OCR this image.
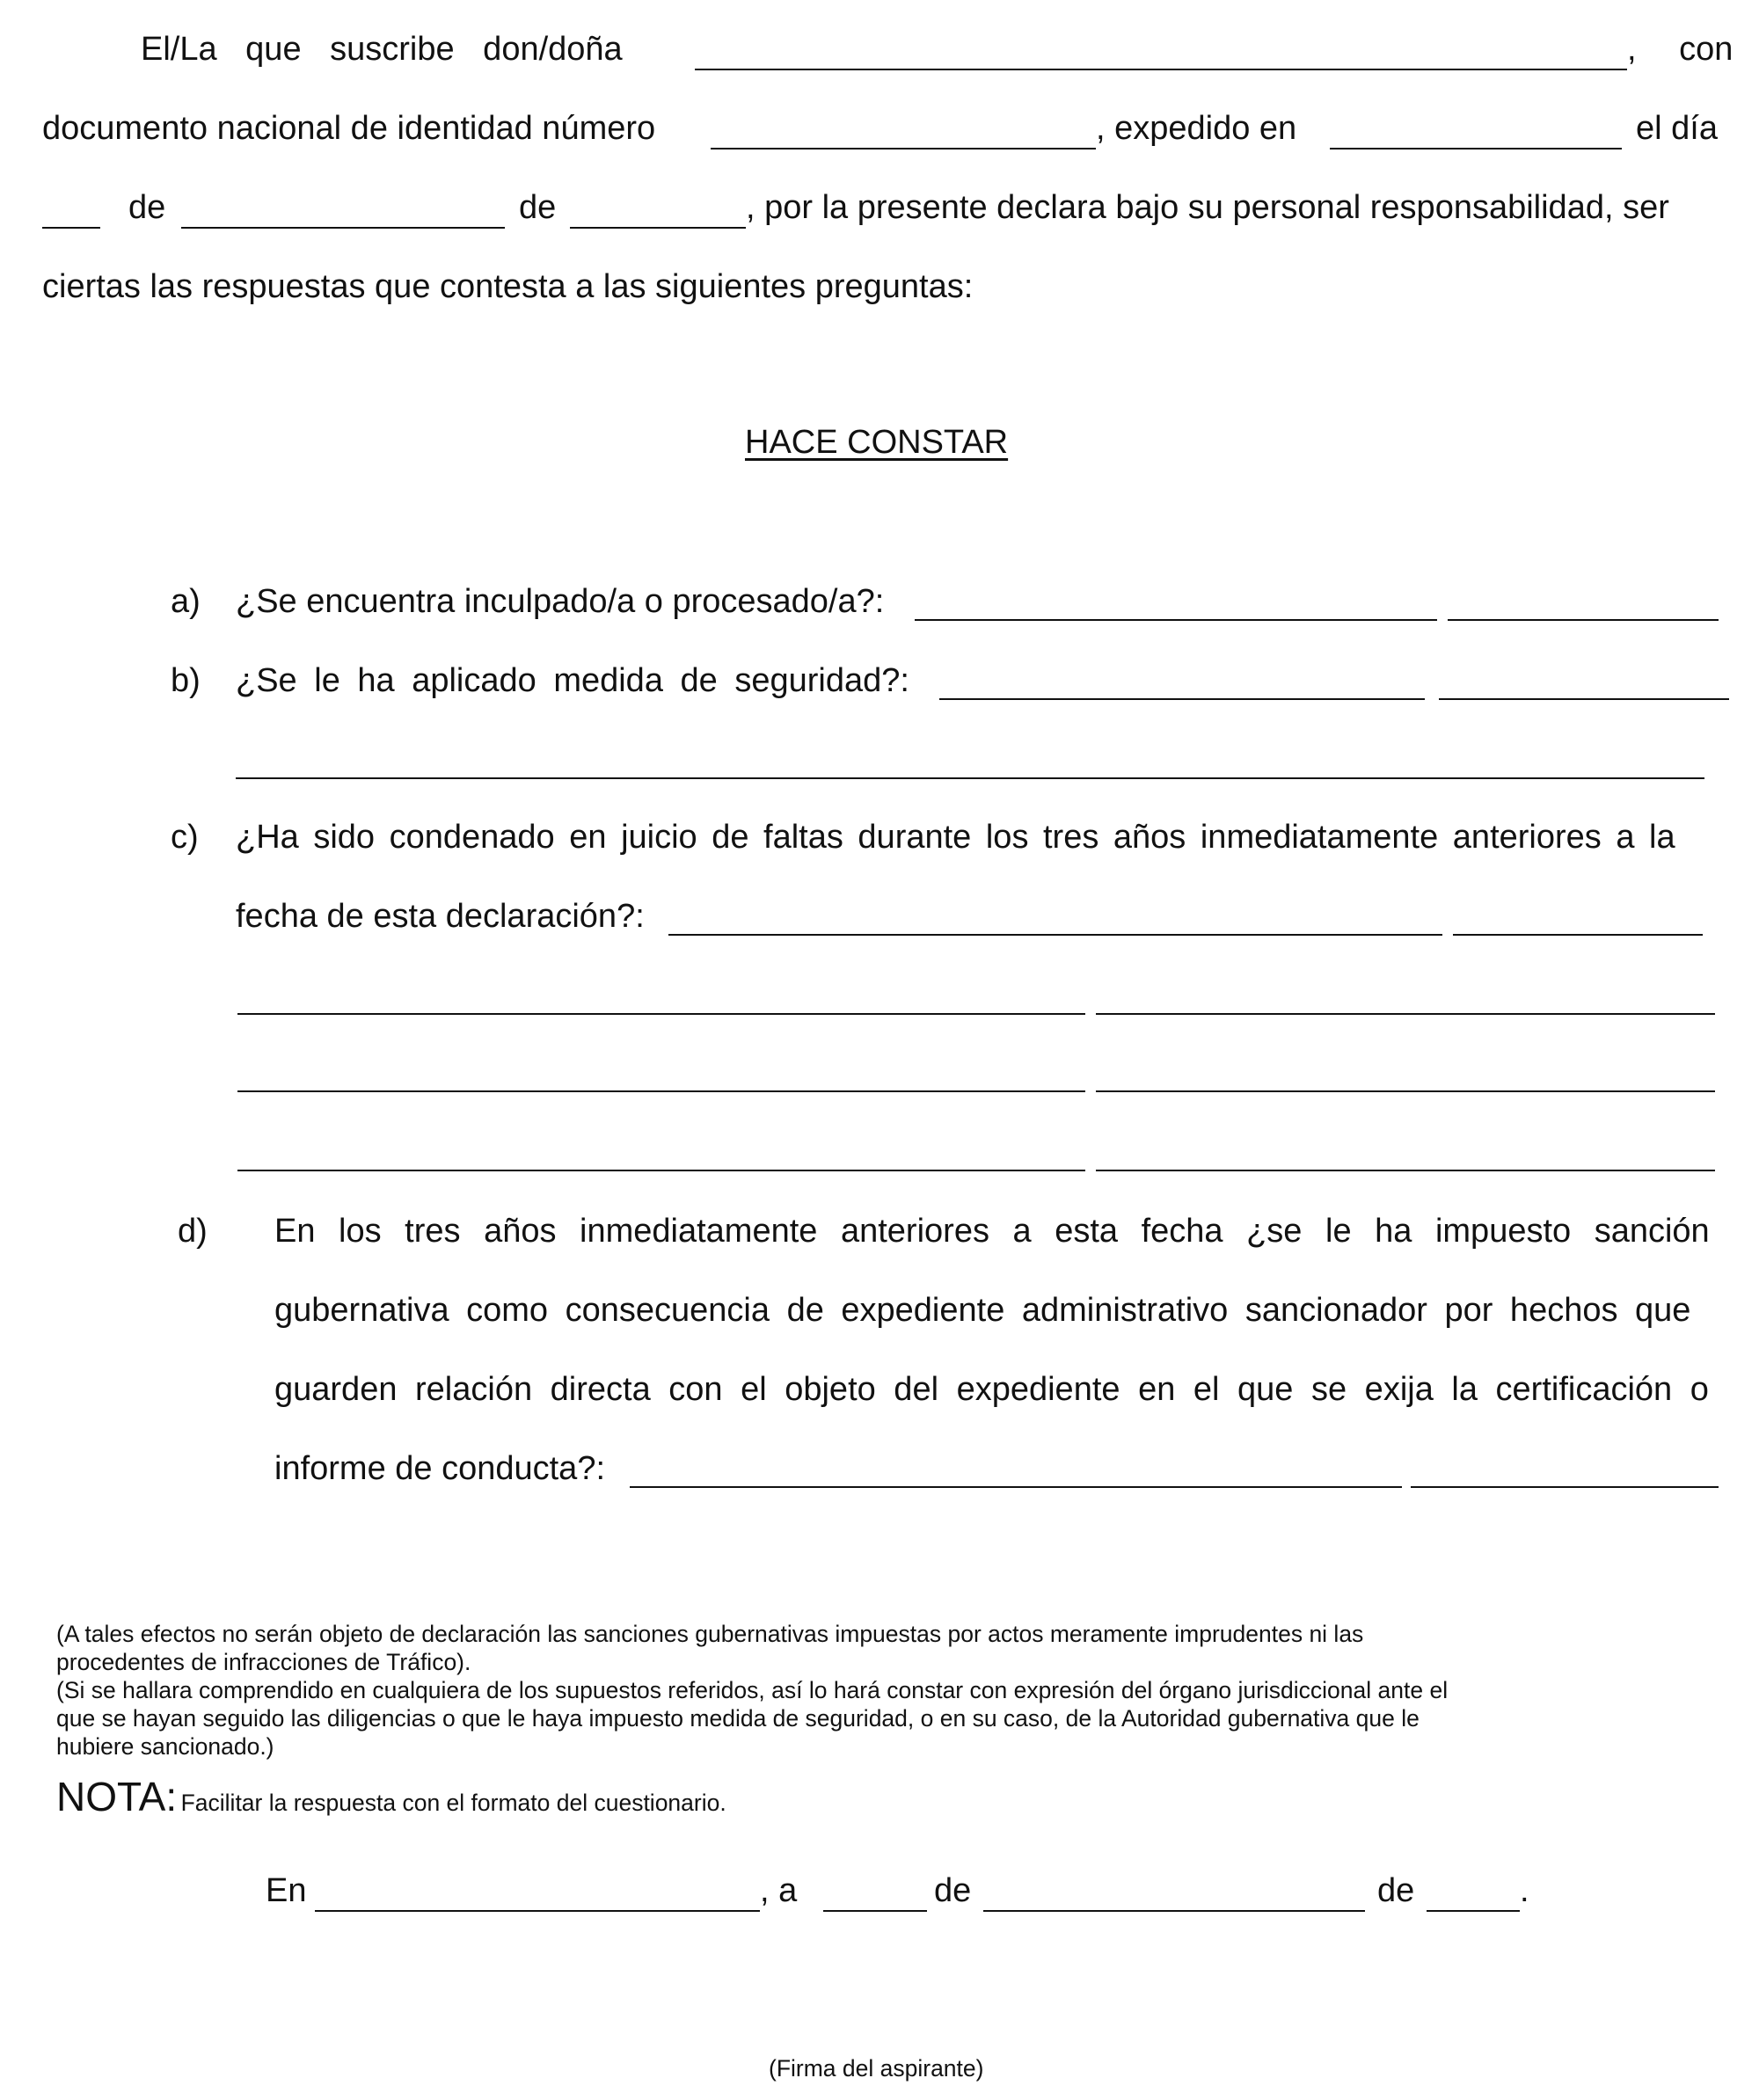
El/La que suscribe don/doña	, con
documento nacional de identidad número	, expedido en	el día
de	de	, por la presente declara bajo su personal responsabilidad, ser
ciertas las respuestas que contesta a las siguientes preguntas:
HACE CONSTAR
a) ¿Se encuentra inculpado/a o procesado/a?:
b) ¿Se le ha aplicado medida de seguridad?:
c) ¿Ha sido condenado en juicio de faltas durante los tres años inmediatamente anteriores a la
fecha de esta declaración?:
d) En los tres años inmediatamente anteriores a esta fecha ¿se le ha impuesto sanción
gubernativa como consecuencia de expediente administrativo sancionador por hechos que
guarden relación directa con el objeto del expediente en el que se exija la certificación o
informe de conducta?:
(A tales efectos no serán objeto de declaración las sanciones gubernativas impuestas por actos meramente imprudentes ni las
procedentes de infracciones de Tráfico).
(Si se hallara comprendido en cualquiera de los supuestos referidos, así lo hará constar con expresión del órgano jurisdiccional ante el
que se hayan seguido las diligencias o que le haya impuesto medida de seguridad, o en su caso, de la Autoridad gubernativa que le
hubiere sancionado.)
NOTA: Facilitar la respuesta con el formato del cuestionario.
En	, a	de	de	.
(Firma del aspirante)
